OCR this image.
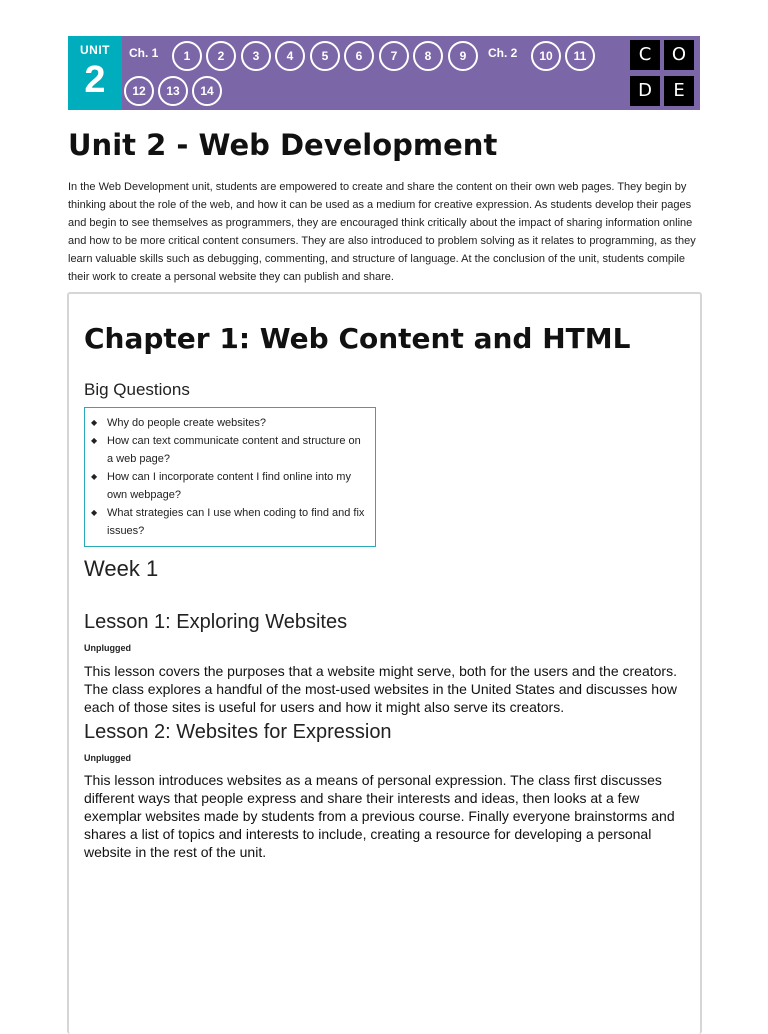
UNIT
2
Ch. 1	1	2	3	4	5	6	7	8	9	Ch. 2	10	11
12	13	14
C	O
D	E
Unit 2 - Web Development

In the Web Development unit, students are empowered to create and share the content on their own web pages. They begin by thinking about the role of the web, and how it can be used as a medium for creative expression. As students develop their pages and begin to see themselves as programmers, they are encouraged think critically about the impact of sharing information online and how to be more critical content consumers. They are also introduced to problem solving as it relates to programming, as they learn valuable skills such as debugging, commenting, and structure of language. At the conclusion of the unit, students compile their work to create a personal website they can publish and share.

Chapter 1: Web Content and HTML
Big Questions
◆ Why do people create websites?
◆ How can text communicate content and structure on a web page?
◆ How can I incorporate content I find online into my own webpage?
◆ What strategies can I use when coding to find and fix issues?
Week 1
Lesson 1: Exploring Websites
Unplugged

This lesson covers the purposes that a website might serve, both for the users and the creators. The class explores a handful of the most-used websites in the United States and discusses how each of those sites is useful for users and how it might also serve its creators.

Lesson 2: Websites for Expression
Unplugged

This lesson introduces websites as a means of personal expression. The class first discusses different ways that people express and share their interests and ideas, then looks at a few exemplar websites made by students from a previous course. Finally everyone brainstorms and shares a list of topics and interests to include, creating a resource for developing a personal website in the rest of the unit.
